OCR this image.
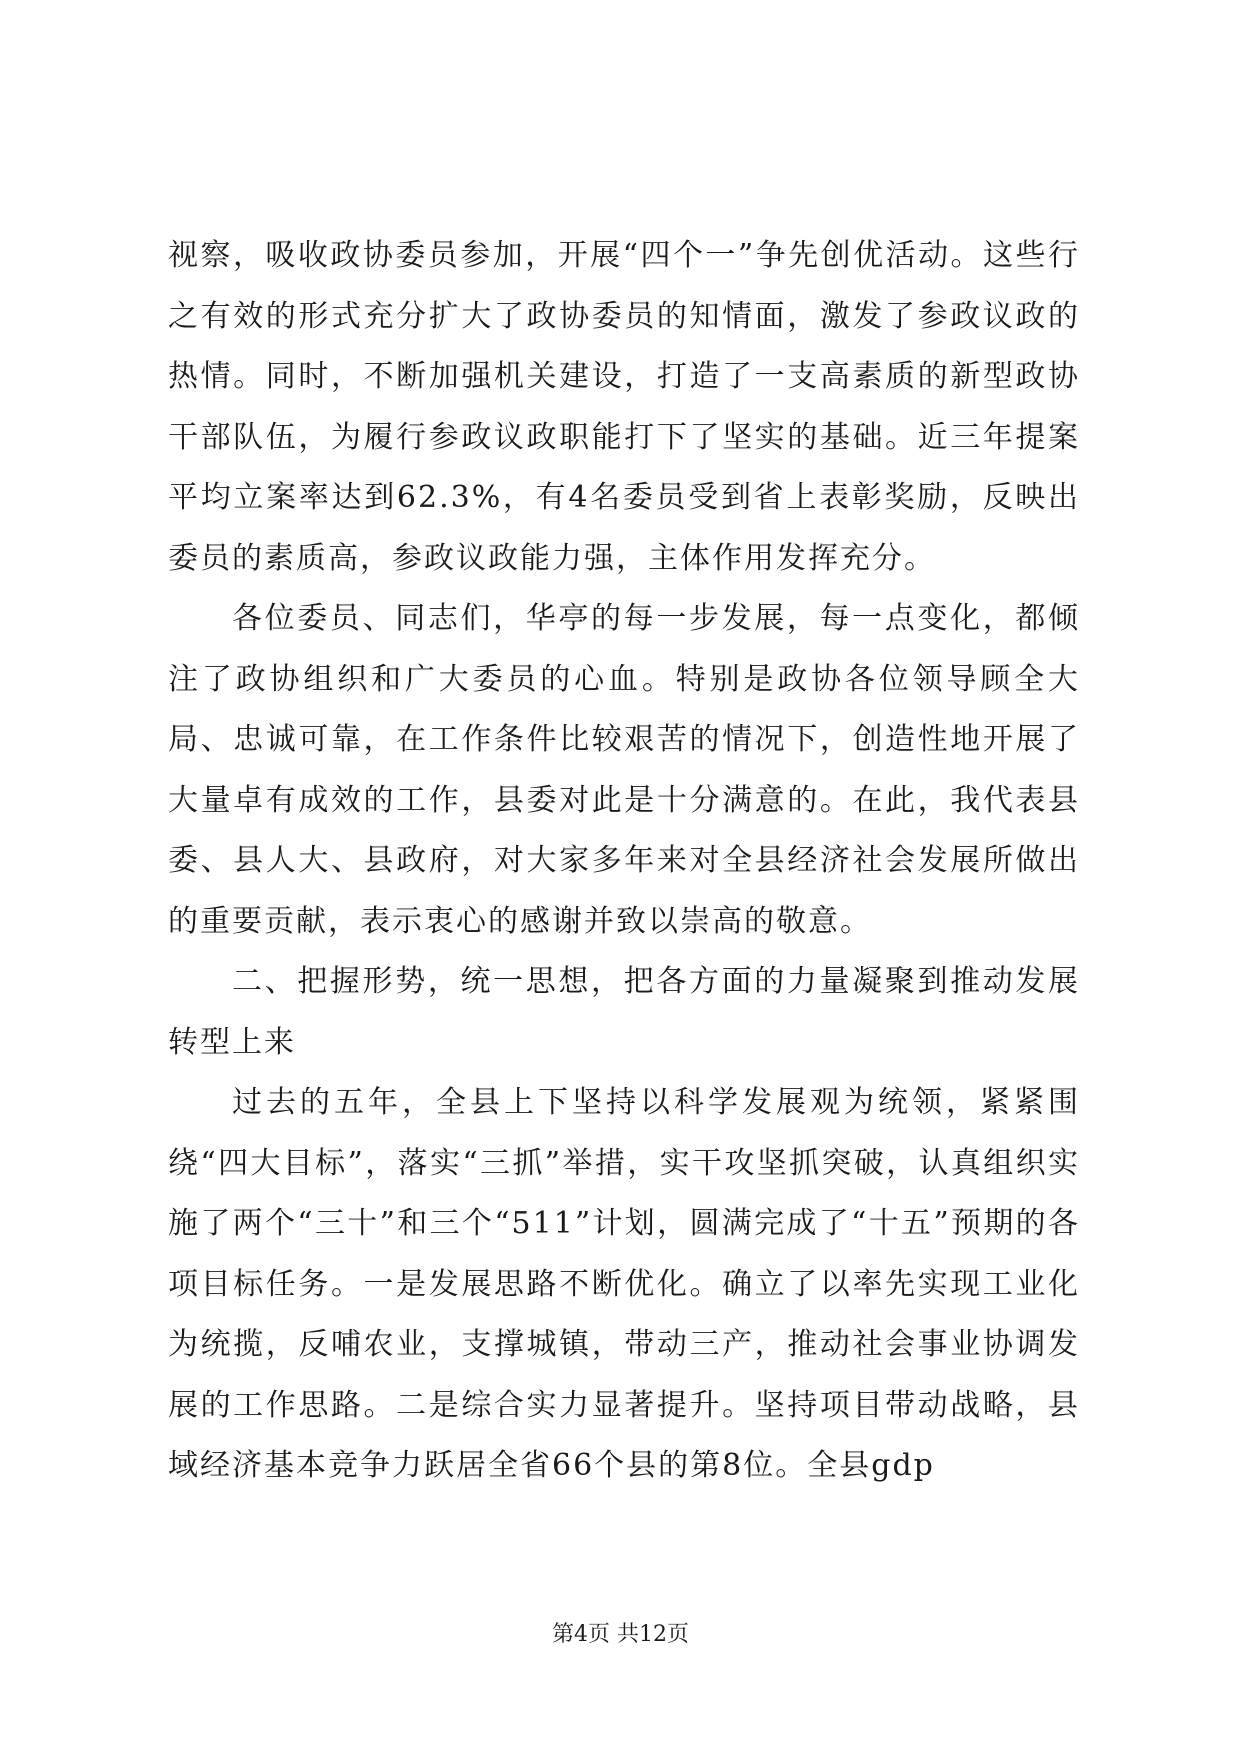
视察，吸收政协委员参加，开展“四个一”争先创优活动。这些行之有效的形式充分扩大了政协委员的知情面，激发了参政议政的热情。同时，不断加强机关建设，打造了一支高素质的新型政协干部队伍，为履行参政议政职能打下了坚实的基础。近三年提案平均立案率达到62.3%，有4名委员受到省上表彰奖励，反映出委员的素质高，参政议政能力强，主体作用发挥充分。

各位委员、同志们，华亭的每一步发展，每一点变化，都倾注了政协组织和广大委员的心血。特别是政协各位领导顾全大局、忠诚可靠，在工作条件比较艰苦的情况下，创造性地开展了大量卓有成效的工作，县委对此是十分满意的。在此，我代表县委、县人大、县政府，对大家多年来对全县经济社会发展所做出的重要贡献，表示衷心的感谢并致以崇高的敬意。

二、把握形势，统一思想，把各方面的力量凝聚到推动发展转型上来

过去的五年，全县上下坚持以科学发展观为统领，紧紧围绕“四大目标”，落实“三抓”举措，实干攻坚抓突破，认真组织实施了两个“三十”和三个“511”计划，圆满完成了“十五”预期的各项目标任务。一是发展思路不断优化。确立了以率先实现工业化为统揽，反哺农业，支撑城镇，带动三产，推动社会事业协调发展的工作思路。二是综合实力显著提升。坚持项目带动战略，县域经济基本竞争力跃居全省66个县的第8位。全县gdp

第4页 共12页
